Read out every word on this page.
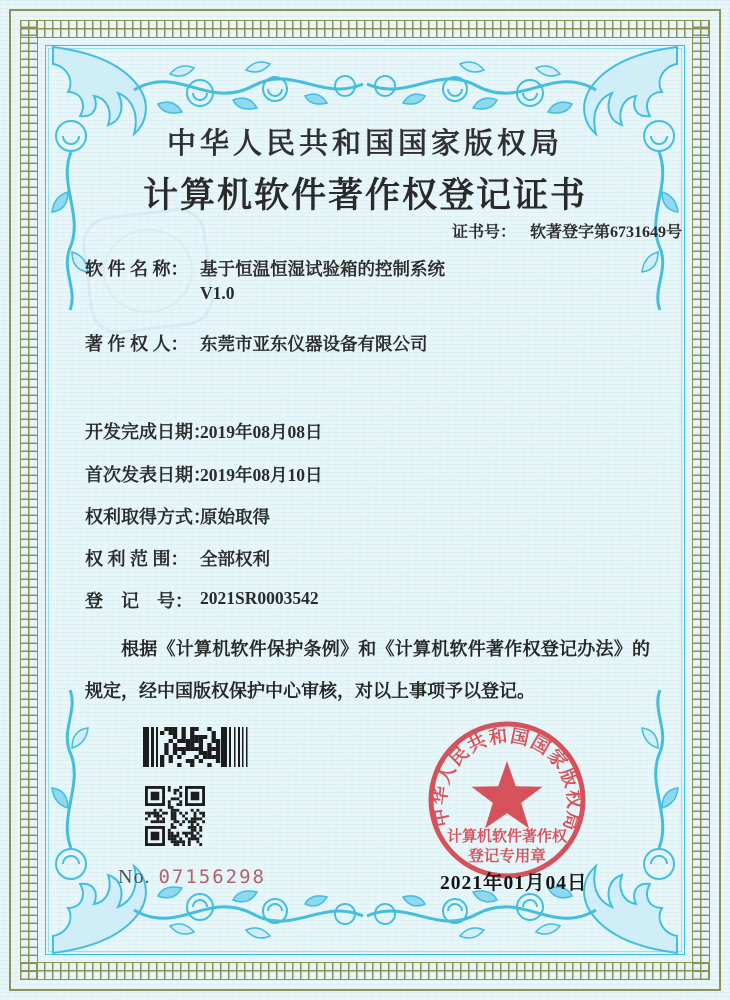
中华人民共和国国家版权局
计算机软件著作权登记证书
证书号： 软著登字第6731649号
软 件 名 称： 基于恒温恒湿试验箱的控制系统
V1.0
著 作 权 人： 东莞市亚东仪器设备有限公司
开发完成日期：
2019年08月08日
首次发表日期：
2019年08月10日
权利取得方式：
原始取得
权 利 范 围： 全部权利
登　记　号： 2021SR0003542
根据《计算机软件保护条例》和《计算机软件著作权登记办法》的规定，经中国版权保护中心审核，对以上事项予以登记。
No. 07156298
中华人民共和国国家版权局
计算机软件著作权
登记专用章
2021年01月04日
